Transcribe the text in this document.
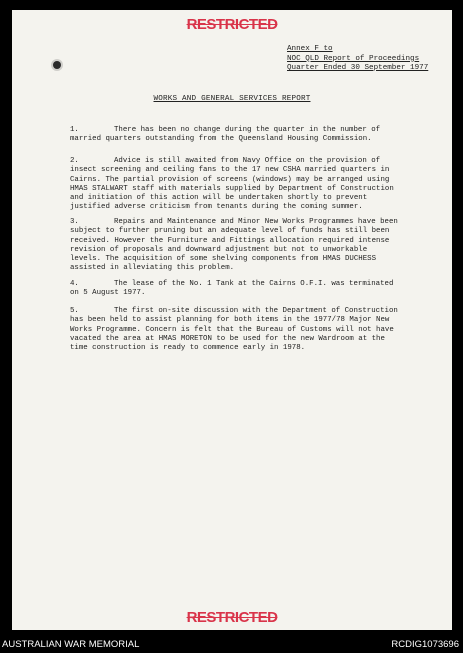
RESTRICTED
Annex F to
NOC QLD Report of Proceedings
Quarter Ended 30 September 1977
WORKS AND GENERAL SERVICES REPORT

1.	There has been no change during the quarter in the number of married quarters outstanding from the Queensland Housing Commission.

2.	Advice is still awaited from Navy Office on the provision of insect screening and ceiling fans to the 17 new CSHA married quarters in Cairns. The partial provision of screens (windows) may be arranged using HMAS STALWART staff with materials supplied by Department of Construction and initiation of this action will be undertaken shortly to prevent justified adverse criticism from tenants during the coming summer.

3.	Repairs and Maintenance and Minor New Works Programmes have been subject to further pruning but an adequate level of funds has still been received. However the Furniture and Fittings allocation required intense revision of proposals and downward adjustment but not to unworkable levels. The acquisition of some shelving components from HMAS DUCHESS assisted in alleviating this problem.

4.	The lease of the No. 1 Tank at the Cairns O.F.I. was terminated on 5 August 1977.

5.	The first on-site discussion with the Department of Construction has been held to assist planning for both items in the 1977/78 Major New Works Programme. Concern is felt that the Bureau of Customs will not have vacated the area at HMAS MORETON to be used for the new Wardroom at the time construction is ready to commence early in 1978.

RESTRICTED
AUSTRALIAN WAR MEMORIAL	RCDIG1073696
